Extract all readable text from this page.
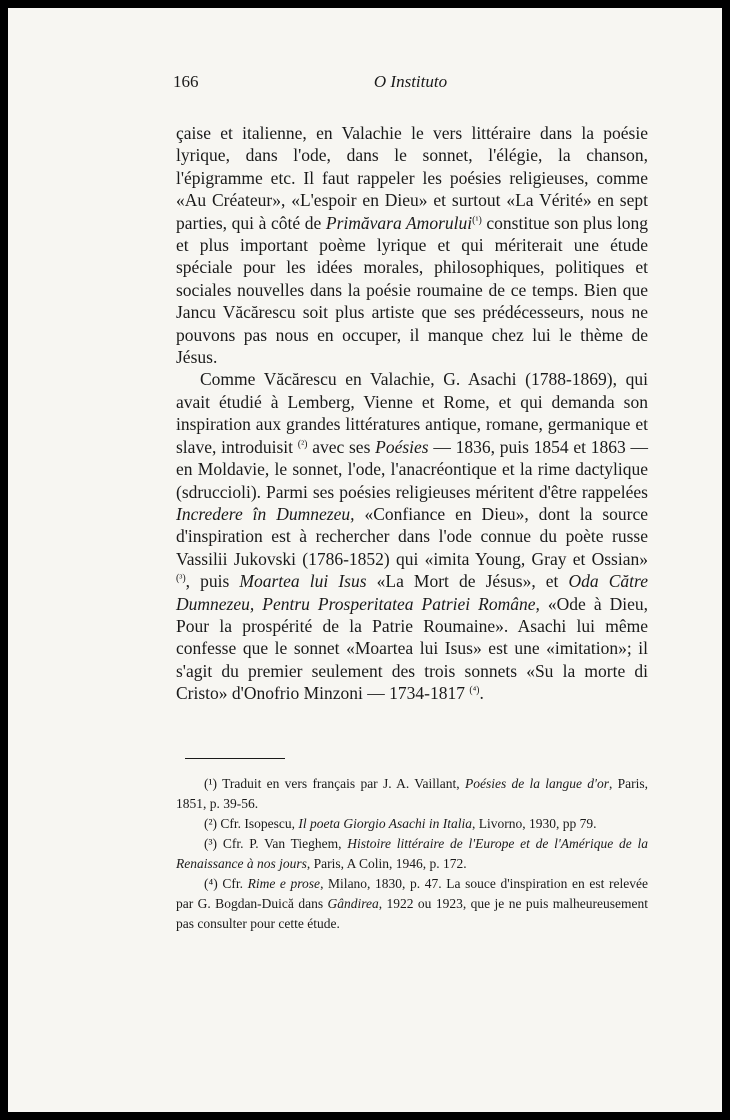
166	O Instituto

çaise et italienne, en Valachie le vers littéraire dans la poésie lyrique, dans l'ode, dans le sonnet, l'élégie, la chanson, l'épigramme etc. Il faut rappeler les poésies religieuses, comme «Au Créateur», «L'espoir en Dieu» et surtout «La Vérité» en sept parties, qui à côté de Primăvara Amorului$^{(^1)}$ constitue son plus long et plus important poème lyrique et qui mériterait une étude spéciale pour les idées morales, philosophiques, politiques et sociales nouvelles dans la poésie roumaine de ce temps. Bien que Jancu Văcărescu soit plus artiste que ses prédécesseurs, nous ne pouvons pas nous en occuper, il manque chez lui le thème de Jésus.

Comme Văcărescu en Valachie, G. Asachi (1788-1869), qui avait étudié à Lemberg, Vienne et Rome, et qui demanda son inspiration aux grandes littératures antique, romane, germanique et slave, introduisit $^{(^2)}$ avec ses Poésies — 1836, puis 1854 et 1863 — en Moldavie, le sonnet, l'ode, l'anacréontique et la rime dactylique (sdruccioli). Parmi ses poésies religieuses méritent d'être rappelées Incredere în Dumnezeu, «Confiance en Dieu», dont la source d'inspiration est à rechercher dans l'ode connue du poète russe Vassilii Jukovski (1786-1852) qui «imita Young, Gray et Ossian» $^{(^3)}$, puis Moartea lui Isus «La Mort de Jésus», et Oda Către Dumnezeu, Pentru Prosperitatea Patriei Române, «Ode à Dieu, Pour la prospérité de la Patrie Roumaine». Asachi lui même confesse que le sonnet «Moartea lui Isus» est une «imitation»; il s'agit du premier seulement des trois sonnets «Su la morte di Cristo» d'Onofrio Minzoni — 1734-1817 $^{(^4)}$.

(¹) Traduit en vers français par J. A. Vaillant, Poésies de la langue d'or, Paris, 1851, p. 39-56.

(²) Cfr. Isopescu, Il poeta Giorgio Asachi in Italia, Livorno, 1930, pp 79.

(³) Cfr. P. Van Tieghem, Histoire littéraire de l'Europe et de l'Amérique de la Renaissance à nos jours, Paris, A Colin, 1946, p. 172.

(⁴) Cfr. Rime e prose, Milano, 1830, p. 47. La souce d'inspiration en est relevée par G. Bogdan-Duică dans Gândirea, 1922 ou 1923, que je ne puis malheureusement pas consulter pour cette étude.
